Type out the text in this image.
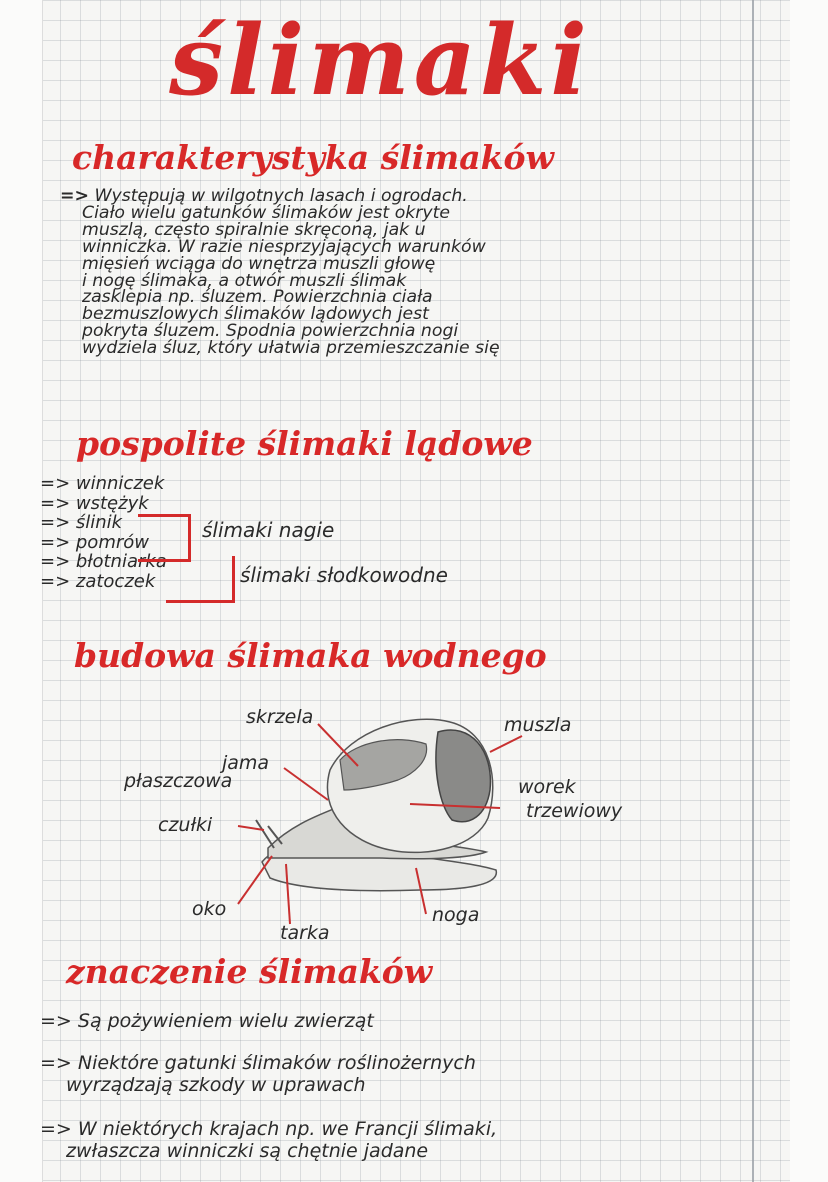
ślimaki
charakterystyka ślimaków
=> Występują w wilgotnych lasach i ogrodach.
Ciało wielu gatunków ślimaków jest okryte
muszlą, często spiralnie skręconą, jak u
winniczka. W razie niesprzyjających warunków
mięsień wciąga do wnętrza muszli głowę
i nogę ślimaka, a otwór muszli ślimak
zasklepia np. śluzem. Powierzchnia ciała
bezmuszlowych ślimaków lądowych jest
pokryta śluzem. Spodnia powierzchnia nogi
wydziela śluz, który ułatwia przemieszczanie się
pospolite ślimaki lądowe
=> winniczek
=> wstężyk
=> ślinik
=> pomrów
=> błotniarka
=> zatoczek
ślimaki nagie
ślimaki słodkowodne
budowa ślimaka wodnego
skrzela	muszla
jama
płaszczowa	worek
trzewiowy
czułki
oko	noga
tarka
znaczenie ślimaków
=> Są pożywieniem wielu zwierząt
=> Niektóre gatunki ślimaków roślinożernych
wyrządzają szkody w uprawach
=> W niektórych krajach np. we Francji ślimaki,
zwłaszcza winniczki są chętnie jadane
